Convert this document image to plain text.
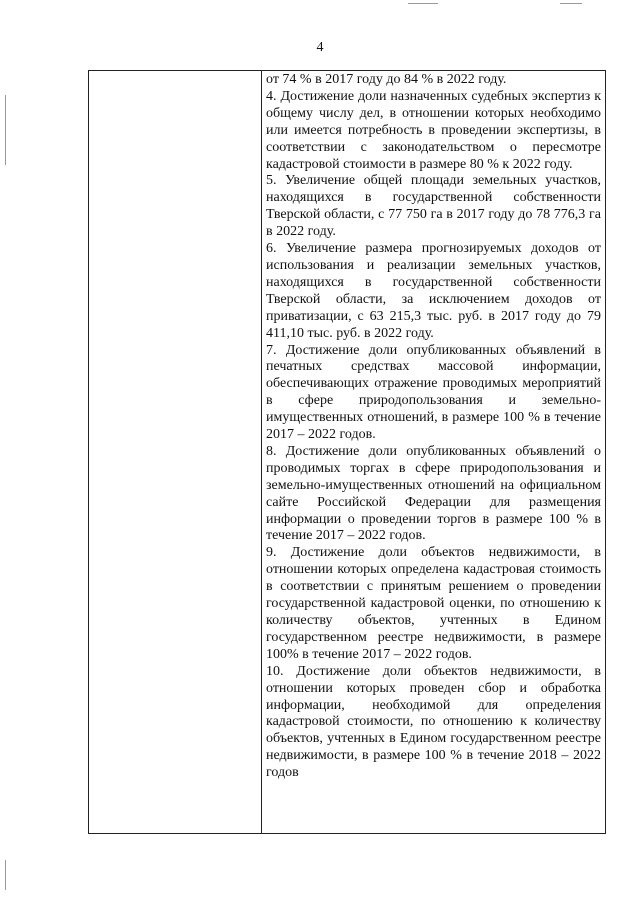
4

от 74 % в 2017 году до 84 % в 2022 году.

4. Достижение доли назначенных судебных экспертиз к общему числу дел, в отношении которых необходимо или имеется потребность в проведении экспертизы, в соответствии с законодательством о пересмотре кадастровой стоимости в размере 80 % к 2022 году.

5. Увеличение общей площади земельных участков, находящихся в государственной собственности Тверской области, с 77 750 га в 2017 году до 78 776,3 га в 2022 году.

6. Увеличение размера прогнозируемых доходов от использования и реализации земельных участков, находящихся в государственной собственности Тверской области, за исключением доходов от приватизации, с 63 215,3 тыс. руб. в 2017 году до 79 411,10 тыс. руб. в 2022 году.

7. Достижение доли опубликованных объявлений в печатных средствах массовой информации, обеспечивающих отражение проводимых мероприятий в сфере природопользования и земельно-имущественных отношений, в размере 100 % в течение 2017 – 2022 годов.

8. Достижение доли опубликованных объявлений о проводимых торгах в сфере природопользования и земельно-имущественных отношений на официальном сайте Российской Федерации для размещения информации о проведении торгов в размере 100 % в течение 2017 – 2022 годов.

9. Достижение доли объектов недвижимости, в отношении которых определена кадастровая стоимость в соответствии с принятым решением о проведении государственной кадастровой оценки, по отношению к количеству объектов, учтенных в Едином государственном реестре недвижимости, в размере 100% в течение 2017 – 2022 годов.

10. Достижение доли объектов недвижимости, в отношении которых проведен сбор и обработка информации, необходимой для определения кадастровой стоимости, по отношению к количеству объектов, учтенных в Едином государственном реестре недвижимости, в размере 100 % в течение 2018 – 2022 годов
